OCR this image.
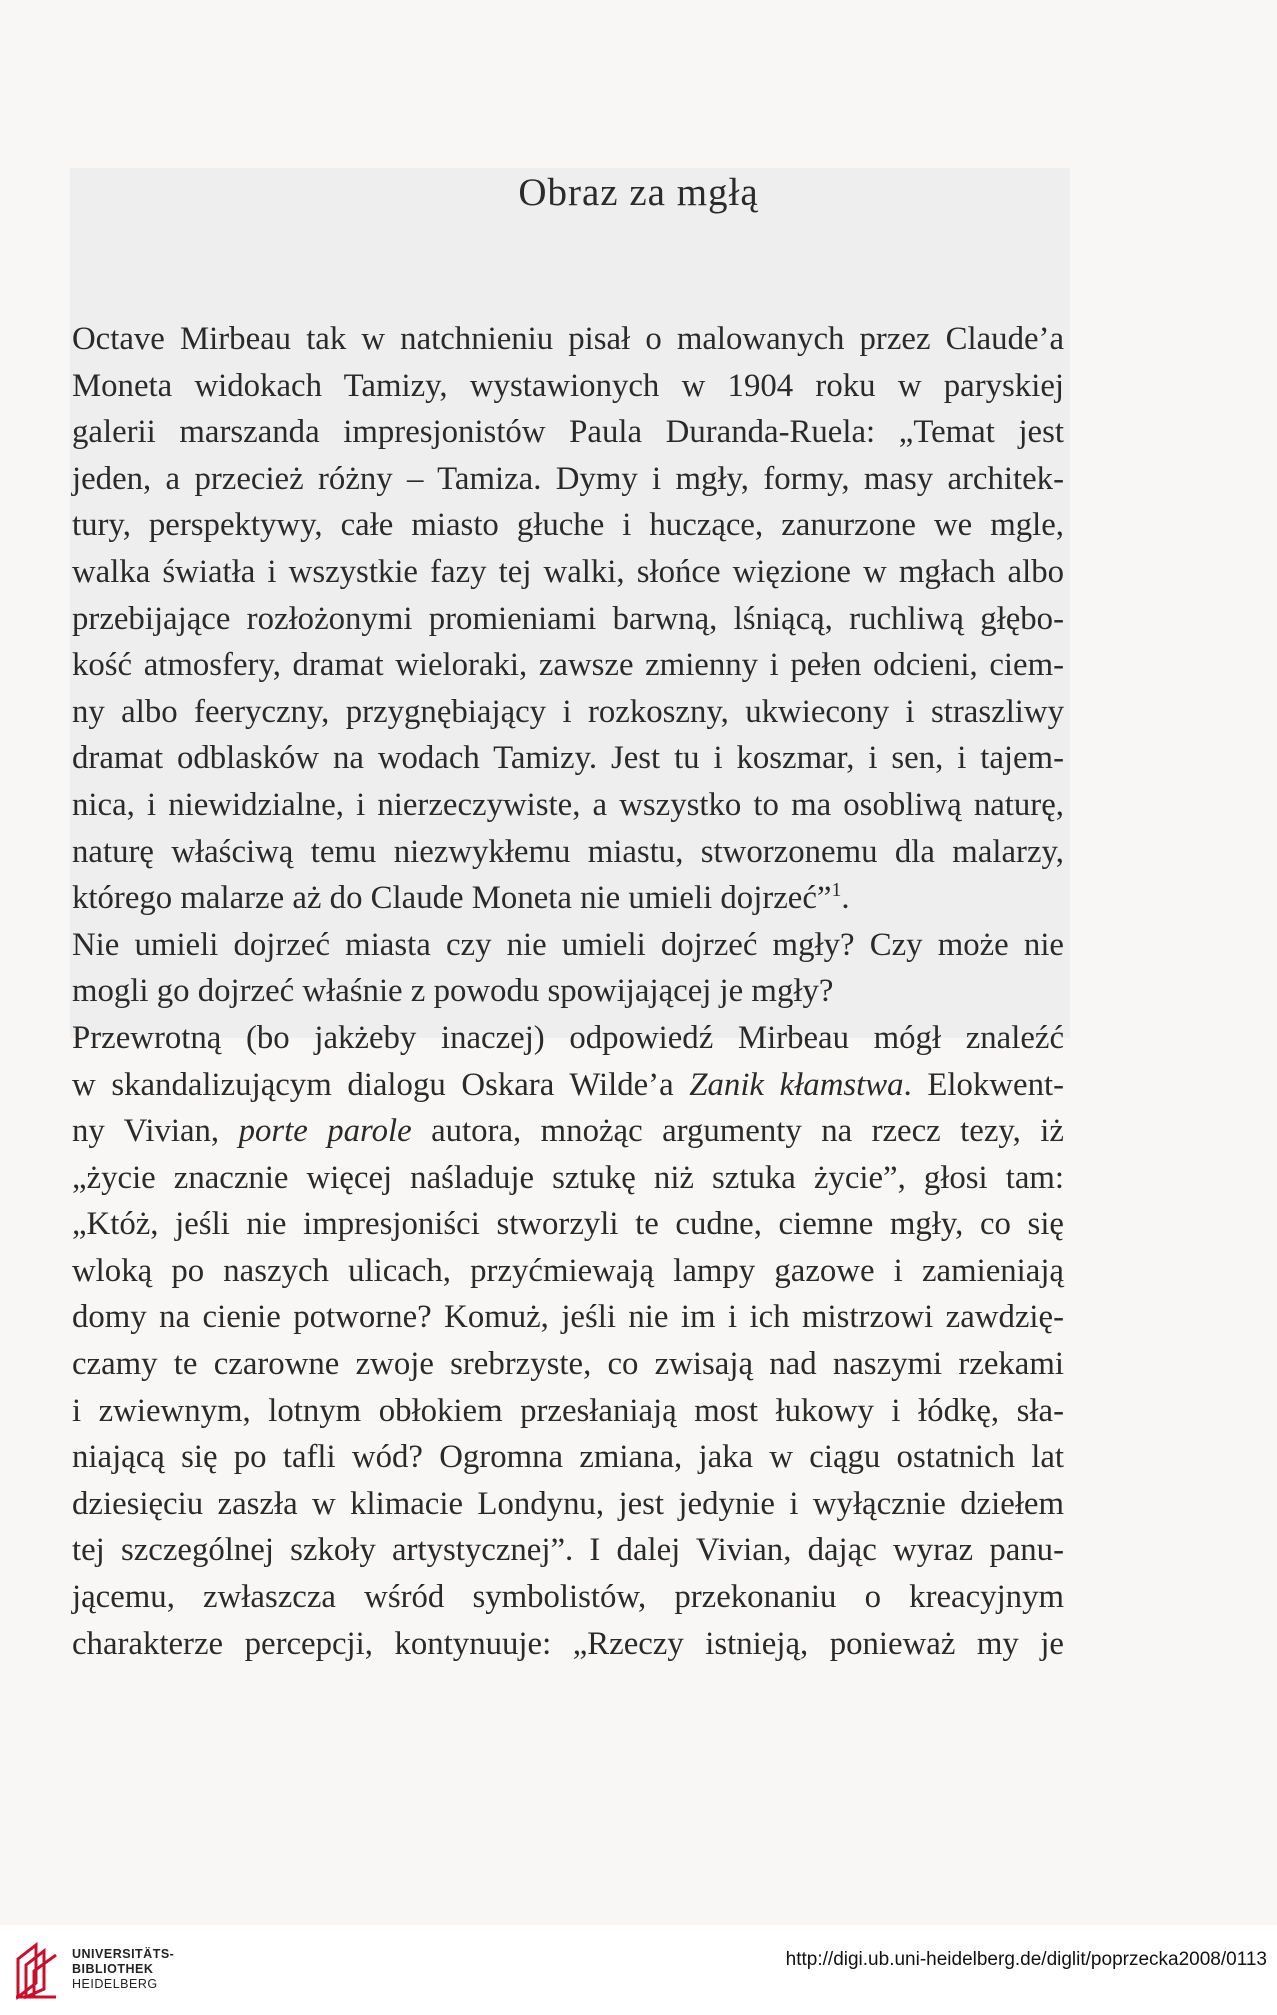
Obraz za mgłą
Octave Mirbeau tak w natchnieniu pisał o malowanych przez Claude’a
Moneta widokach Tamizy, wystawionych w 1904 roku w paryskiej
galerii marszanda impresjonistów Paula Duranda-Ruela: „Temat jest
jeden, a przecież różny – Tamiza. Dymy i mgły, formy, masy architek-
tury, perspektywy, całe miasto głuche i huczące, zanurzone we mgle,
walka światła i wszystkie fazy tej walki, słońce więzione w mgłach albo
przebijające rozłożonymi promieniami barwną, lśniącą, ruchliwą głębo-
kość atmosfery, dramat wieloraki, zawsze zmienny i pełen odcieni, ciem-
ny albo feeryczny, przygnębiający i rozkoszny, ukwiecony i straszliwy
dramat odblasków na wodach Tamizy. Jest tu i koszmar, i sen, i tajem-
nica, i niewidzialne, i nierzeczywiste, a wszystko to ma osobliwą naturę,
naturę właściwą temu niezwykłemu miastu, stworzonemu dla malarzy,
którego malarze aż do Claude Moneta nie umieli dojrzeć”$^1$.
Nie umieli dojrzeć miasta czy nie umieli dojrzeć mgły? Czy może nie
mogli go dojrzeć właśnie z powodu spowijającej je mgły?
Przewrotną (bo jakżeby inaczej) odpowiedź Mirbeau mógł znaleźć
w skandalizującym dialogu Oskara Wilde’a Zanik kłamstwa. Elokwent-
ny Vivian, porte parole autora, mnożąc argumenty na rzecz tezy, iż
„życie znacznie więcej naśladuje sztukę niż sztuka życie”, głosi tam:
„Któż, jeśli nie impresjoniści stworzyli te cudne, ciemne mgły, co się
wloką po naszych ulicach, przyćmiewają lampy gazowe i zamieniają
domy na cienie potworne? Komuż, jeśli nie im i ich mistrzowi zawdzię-
czamy te czarowne zwoje srebrzyste, co zwisają nad naszymi rzekami
i zwiewnym, lotnym obłokiem przesłaniają most łukowy i łódkę, sła-
niającą się po tafli wód? Ogromna zmiana, jaka w ciągu ostatnich lat
dziesięciu zaszła w klimacie Londynu, jest jedynie i wyłącznie dziełem
tej szczególnej szkoły artystycznej”. I dalej Vivian, dając wyraz panu-
jącemu, zwłaszcza wśród symbolistów, przekonaniu o kreacyjnym
charakterze percepcji, kontynuuje: „Rzeczy istnieją, ponieważ my je
UNIVERSITÄTS-
BIBLIOTHEK
HEIDELBERG
http://digi.ub.uni-heidelberg.de/diglit/poprzecka2008/0113
